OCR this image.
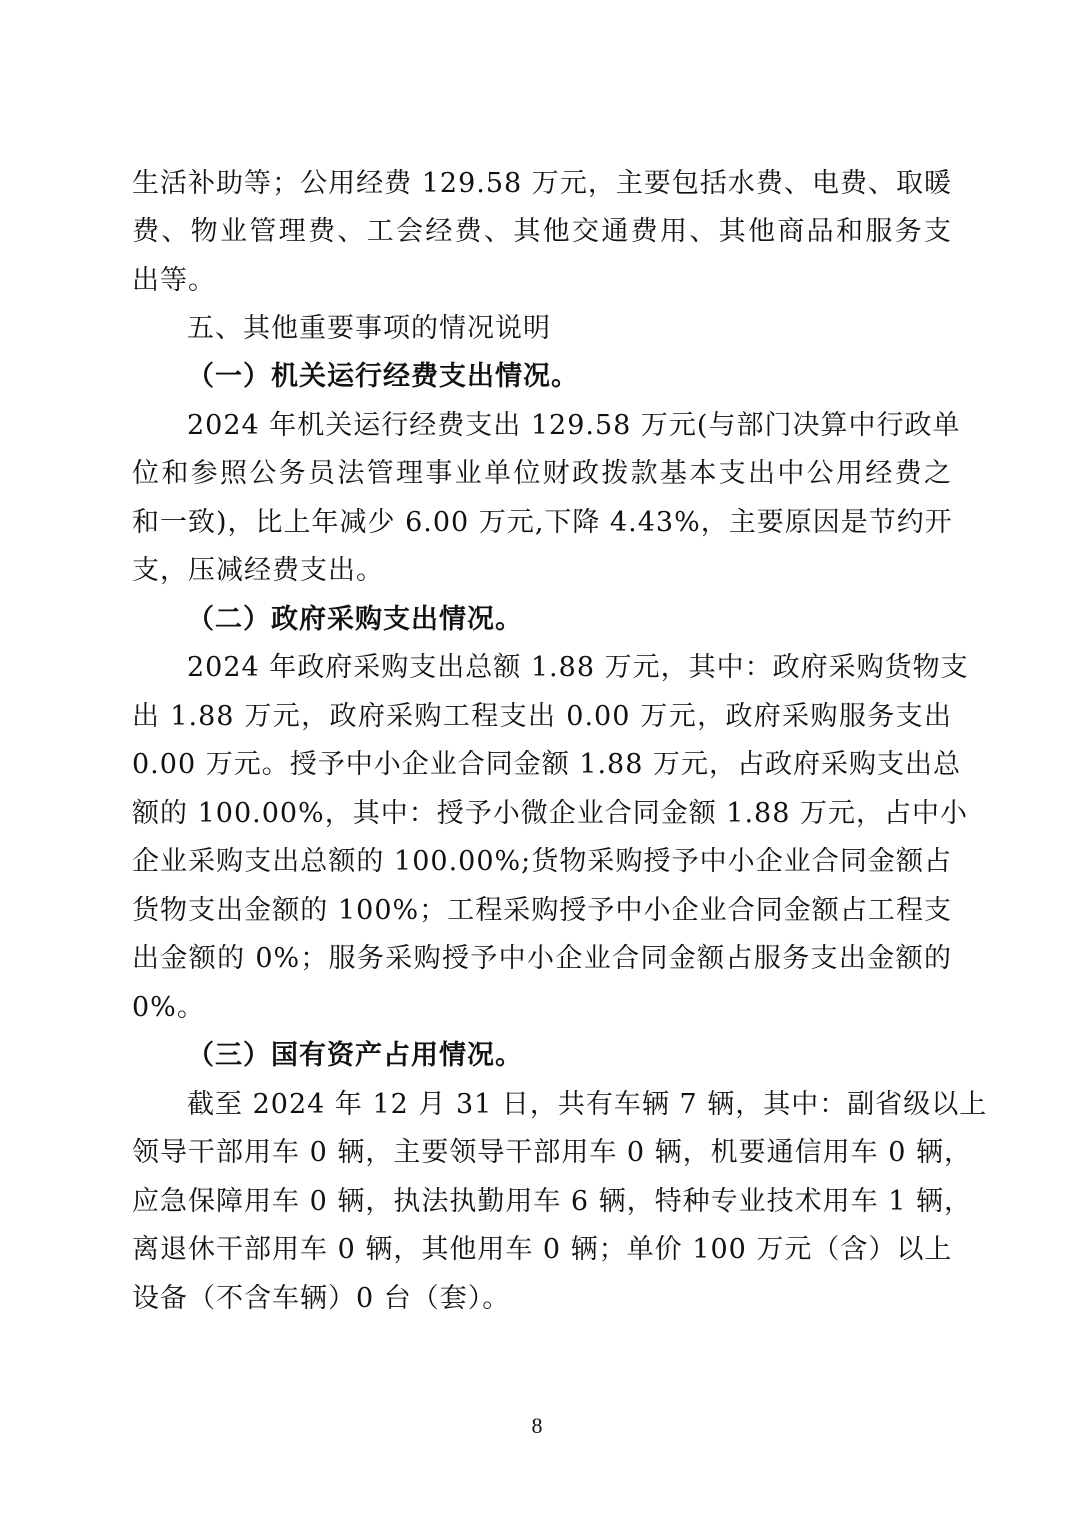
生活补助等；公用经费 129.58 万元，主要包括水费、电费、取暖
费、物业管理费、工会经费、其他交通费用、其他商品和服务支
出等。
五、其他重要事项的情况说明
（一）机关运行经费支出情况。
2024 年机关运行经费支出 129.58 万元(与部门决算中行政单
位和参照公务员法管理事业单位财政拨款基本支出中公用经费之
和一致)，比上年减少 6.00 万元,下降 4.43%，主要原因是节约开
支，压减经费支出。
（二）政府采购支出情况。
2024 年政府采购支出总额 1.88 万元，其中：政府采购货物支
出 1.88 万元，政府采购工程支出 0.00 万元，政府采购服务支出
0.00 万元。授予中小企业合同金额 1.88 万元，占政府采购支出总
额的 100.00%，其中：授予小微企业合同金额 1.88 万元，占中小
企业采购支出总额的 100.00%;货物采购授予中小企业合同金额占
货物支出金额的 100%；工程采购授予中小企业合同金额占工程支
出金额的 0%；服务采购授予中小企业合同金额占服务支出金额的
0%。
（三）国有资产占用情况。
截至 2024 年 12 月 31 日，共有车辆 7 辆，其中：副省级以上
领导干部用车 0 辆，主要领导干部用车 0 辆，机要通信用车 0 辆，
应急保障用车 0 辆，执法执勤用车 6 辆，特种专业技术用车 1 辆，
离退休干部用车 0 辆，其他用车 0 辆；单价 100 万元（含）以上
设备（不含车辆）0 台（套）。
8
